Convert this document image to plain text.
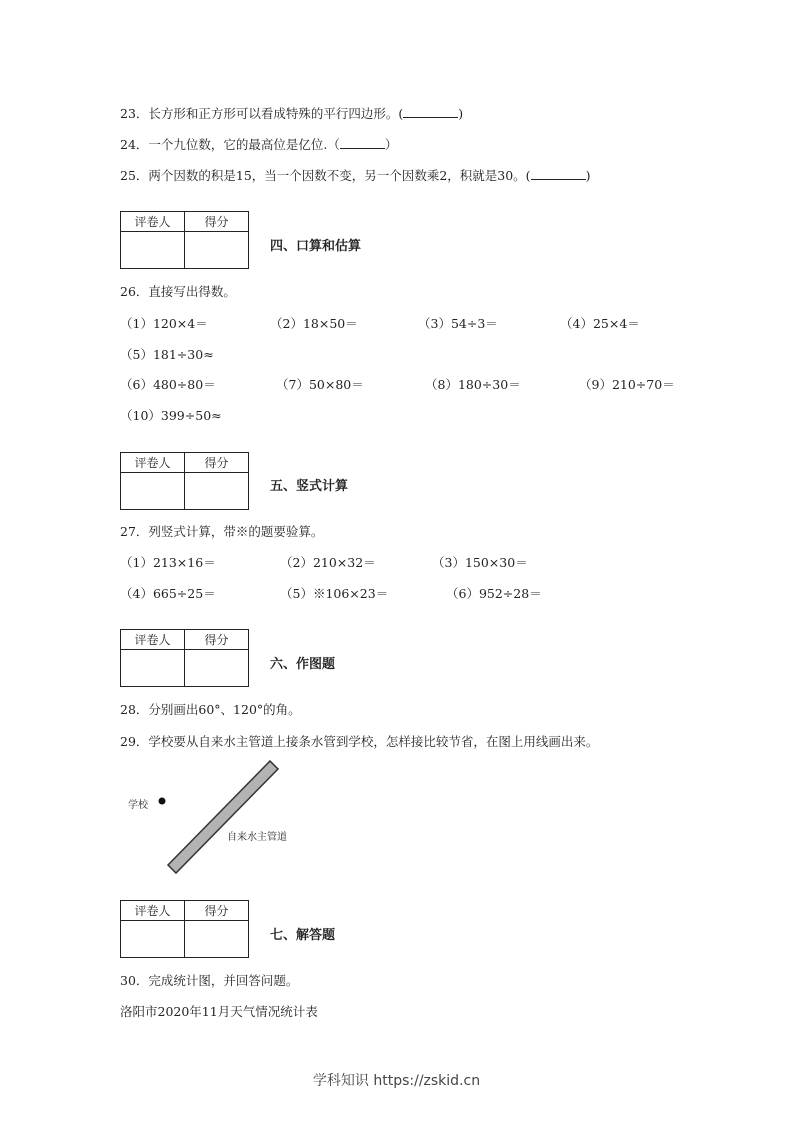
23．长方形和正方形可以看成特殊的平行四边形。(	)
24．一个九位数，它的最高位是亿位.（	）
25．两个因数的积是15，当一个因数不变，另一个因数乘2，积就是30。(	)
评卷人	得分

四、口算和估算
26．直接写出得数。
（1）120×4＝	（2）18×50＝	（3）54÷3＝	（4）25×4＝
（5）181÷30≈
（6）480÷80＝	（7）50×80＝	（8）180÷30＝	（9）210÷70＝
（10）399÷50≈
评卷人	得分

五、竖式计算
27．列竖式计算，带※的题要验算。
（1）213×16＝	（2）210×32＝	（3）150×30＝
（4）665÷25＝	（5）※106×23＝	（6）952÷28＝
评卷人	得分

六、作图题
28．分别画出60°、120°的角。
29．学校要从自来水主管道上接条水管到学校，怎样接比较节省，在图上用线画出来。
学校
自来水主管道
评卷人	得分

七、解答题
30．完成统计图，并回答问题。
洛阳市2020年11月天气情况统计表
学科知识 https://zskid.cn
